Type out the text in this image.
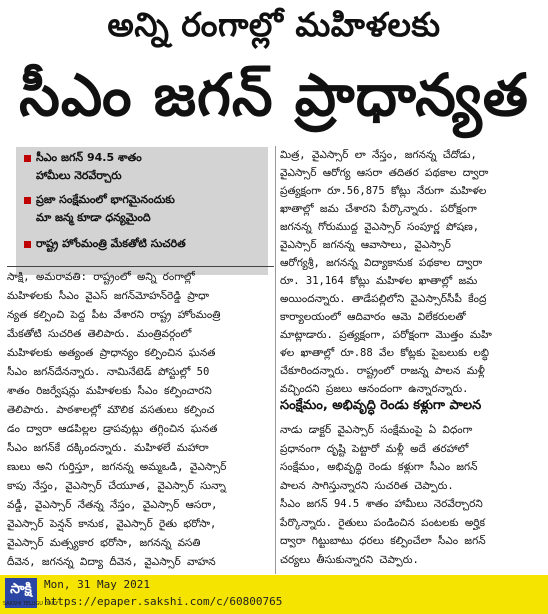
అన్ని రంగాల్లో మహిళలకు
సీఎం జగన్ ప్రాధాన్యత
సీఎం జగన్ 94.5 శాతం
హామీలు నెరవేర్చారు
ప్రజా సంక్షేమంలో భాగమైనందుకు
మా జన్మ కూడా ధన్యమైంది
రాష్ట్ర హోంమంత్రి మేకతోటి సుచరిత
సాక్షి, అమరావతి: రాష్ట్రంలో అన్ని రంగాల్లో
మహిళలకు సీఎం వైఎస్ జగన్‌మోహన్‌రెడ్డి ప్రాధా
న్యత కల్పించి పెద్ద పీట వేశారని రాష్ట్ర హోంమంత్రి
మేకతోటి సుచరిత తెలిపారు. మంత్రివర్గంలో
మహిళలకు అత్యంత ప్రాధాన్యం కల్పించిన ఘనత
సీఎం జగన్‌దేనన్నారు. నామినేటెడ్ పోస్టుల్లో 50
శాతం రిజర్వేషన్లు మహిళలకు సీఎం కల్పించారని
తెలిపారు. పాఠశాలల్లో మౌలిక వసతులు కల్పించ
డం ద్వారా ఆడపిల్లల డ్రాపవుట్లు తగ్గించిన ఘనత
సీఎం జగన్‌కే దక్కిందన్నారు. మహిళలే మహారా
ణులు అని గుర్తిస్తూ, జగనన్న అమ్మఒడి, వైఎస్సార్
కాపు నేస్తం, వైఎస్సార్ చేయూత, వైఎస్సార్ సున్నా
వడ్డీ, వైఎస్సార్ నేతన్న నేస్తం, వైఎస్సార్ ఆసరా,
వైఎస్సార్ పెన్షన్ కానుక, వైఎస్సార్ రైతు భరోసా,
వైఎస్సార్ మత్స్యకార భరోసా, జగనన్న వసతి
దీవెన, జగనన్న విద్యా దీవెన, వైఎస్సార్ వాహన
మిత్ర, వైఎస్సార్ లా నేస్తం, జగనన్న చేదోడు,
వైఎస్సార్ ఆరోగ్య ఆసరా తదితర పథకాల ద్వారా
ప్రత్యక్షంగా రూ.56,875 కోట్లు నేరుగా మహిళల
ఖాతాల్లో జమ చేశారని పేర్కొన్నారు. పరోక్షంగా
జగనన్న గోరుముద్ద వైఎస్సార్ సంపూర్ణ పోషణ,
వైఎస్సార్ జగనన్న ఆవాసాలు, వైఎస్సార్
ఆరోగ్యశ్రీ, జగనన్న విద్యాకానుక పథకాల ద్వారా
రూ. 31,164 కోట్లు మహిళల ఖాతాల్లో జమ
అయిందన్నారు. తాడేపల్లిలోని వైఎస్సార్‌సీపీ కేంద్ర
కార్యాలయంలో ఆదివారం ఆమె విలేకరులతో
మాట్లాడారు. ప్రత్యక్షంగా, పరోక్షంగా మొత్తం మహి
ళల ఖాతాల్లో రూ.88 వేల కోట్లకు పైబలుకు లబ్ధి
చేకూరిందన్నారు. రాష్ట్రంలో రాజన్న పాలన మళ్లీ
వచ్చిందని ప్రజలు ఆనందంగా ఉన్నారన్నారు.
సంక్షేమం, అభివృద్ధి రెండు కళ్లుగా పాలన
నాడు డాక్టర్ వైఎస్సార్ సంక్షేమంపై ఏ విధంగా
ప్రధానంగా దృష్టి పెట్టారో మళ్లీ అదే తరహాలో
సంక్షేమం, అభివృద్ధి రెండు కళ్లుగా సీఎం జగన్
పాలన సాగిస్తున్నారని సుచరిత చెప్పారు.
సీఎం జగన్ 94.5 శాతం హామీలు నెరవేర్చారని
పేర్కొన్నారు. రైతులు పండించిన పంటలకు అర్హిక
ద్వారా గిట్టుబాటు ధరలు కల్పించేలా సీఎం జగన్
చర్యలు తీసుకున్నారని చెప్పారు.
సాక్షి
SAKSHI TELUGU DAILY
Mon, 31 May 2021
https://epaper.sakshi.com/c/60800765
